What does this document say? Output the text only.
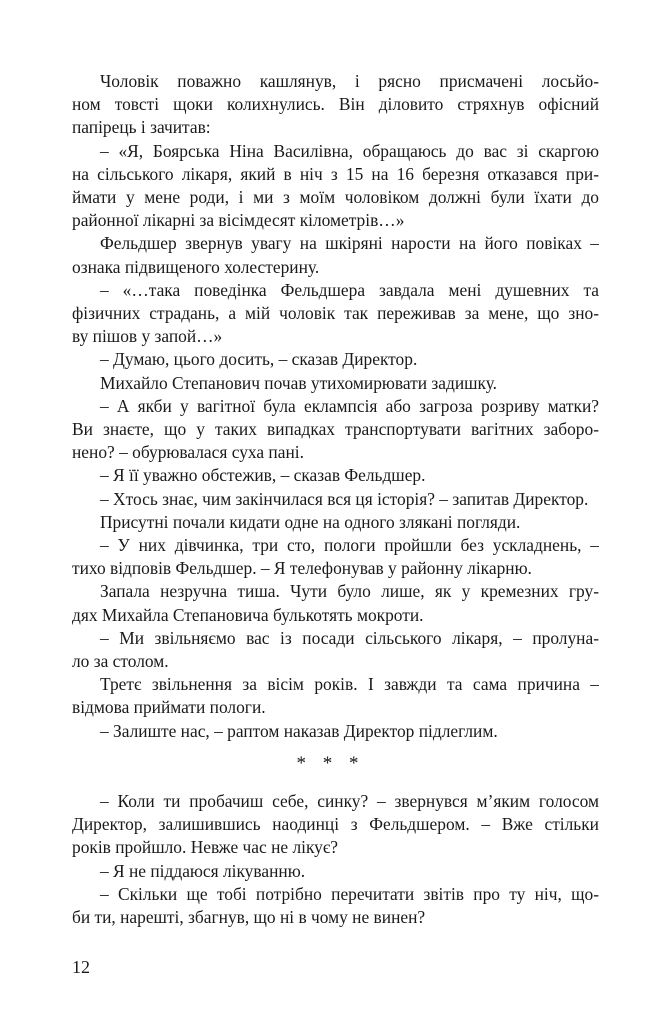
Чоловік поважно кашлянув, і рясно присмачені лосьйо-
ном товсті щоки колихнулись. Він діловито стряхнув офісний
папірець і зачитав:

– «Я, Боярська Ніна Василівна, обращаюсь до вас зі скаргою
на сільського лікаря, який в ніч з 15 на 16 березня отказався при-
ймати у мене роди, і ми з моїм чоловіком должні були їхати до
районної лікарні за вісімдесят кілометрів…»

Фельдшер звернув увагу на шкіряні нарости на його повіках –
ознака підвищеного холестерину.

– «…така поведінка Фельдшера завдала мені душевних та
фізичних страдань, а мій чоловік так переживав за мене, що зно-
ву пішов у запой…»

– Думаю, цього досить, – сказав Директор.

Михайло Степанович почав утихомирювати задишку.

– А якби у вагітної була еклампсія або загроза розриву матки?
Ви знаєте, що у таких випадках транспортувати вагітних заборо-
нено? – обурювалася суха пані.

– Я її уважно обстежив, – сказав Фельдшер.

– Хтось знає, чим закінчилася вся ця історія? – запитав Директор.

Присутні почали кидати одне на одного злякані погляди.

– У них дівчинка, три сто, пологи пройшли без ускладнень, –
тихо відповів Фельдшер. – Я телефонував у районну лікарню.

Запала незручна тиша. Чути було лише, як у кремезних гру-
дях Михайла Степановича булькотять мокроти.

– Ми звільняємо вас із посади сільського лікаря, – пролуна-
ло за столом.

Третє звільнення за вісім років. І завжди та сама причина –
відмова приймати пологи.

– Залиште нас, – раптом наказав Директор підлеглим.

* * *

– Коли ти пробачиш себе, синку? – звернувся м’яким голосом
Директор, залишившись наодинці з Фельдшером. – Вже стільки
років пройшло. Невже час не лікує?

– Я не піддаюся лікуванню.

– Скільки ще тобі потрібно перечитати звітів про ту ніч, що-
би ти, нарешті, збагнув, що ні в чому не винен?

12
